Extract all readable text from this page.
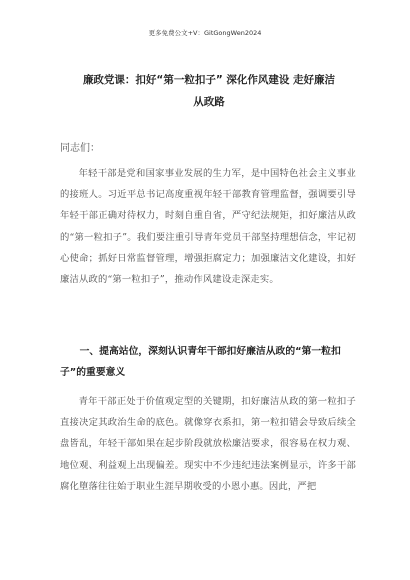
更多免费公文+V：GitGongWen2024
廉政党课：扣好“第一粒扣子” 深化作风建设 走好廉洁从政路
同志们：

年轻干部是党和国家事业发展的生力军，是中国特色社会主义事业的接班人。习近平总书记高度重视年轻干部教育管理监督，强调要引导年轻干部正确对待权力，时刻自重自省，严守纪法规矩，扣好廉洁从政的“第一粒扣子”。我们要注重引导青年党员干部坚持理想信念，牢记初心使命；抓好日常监督管理，增强拒腐定力；加强廉洁文化建设，扣好廉洁从政的“第一粒扣子”，推动作风建设走深走实。

一、提高站位，深刻认识青年干部扣好廉洁从政的“第一粒扣子”的重要意义

青年干部正处于价值观定型的关键期，扣好廉洁从政的第一粒扣子直接决定其政治生命的底色。就像穿衣系扣，第一粒扣错会导致后续全盘皆乱，年轻干部如果在起步阶段就放松廉洁要求，很容易在权力观、地位观、利益观上出现偏差。现实中不少违纪违法案例显示，许多干部腐化堕落往往始于职业生涯早期收受的小恩小惠。因此，严把
